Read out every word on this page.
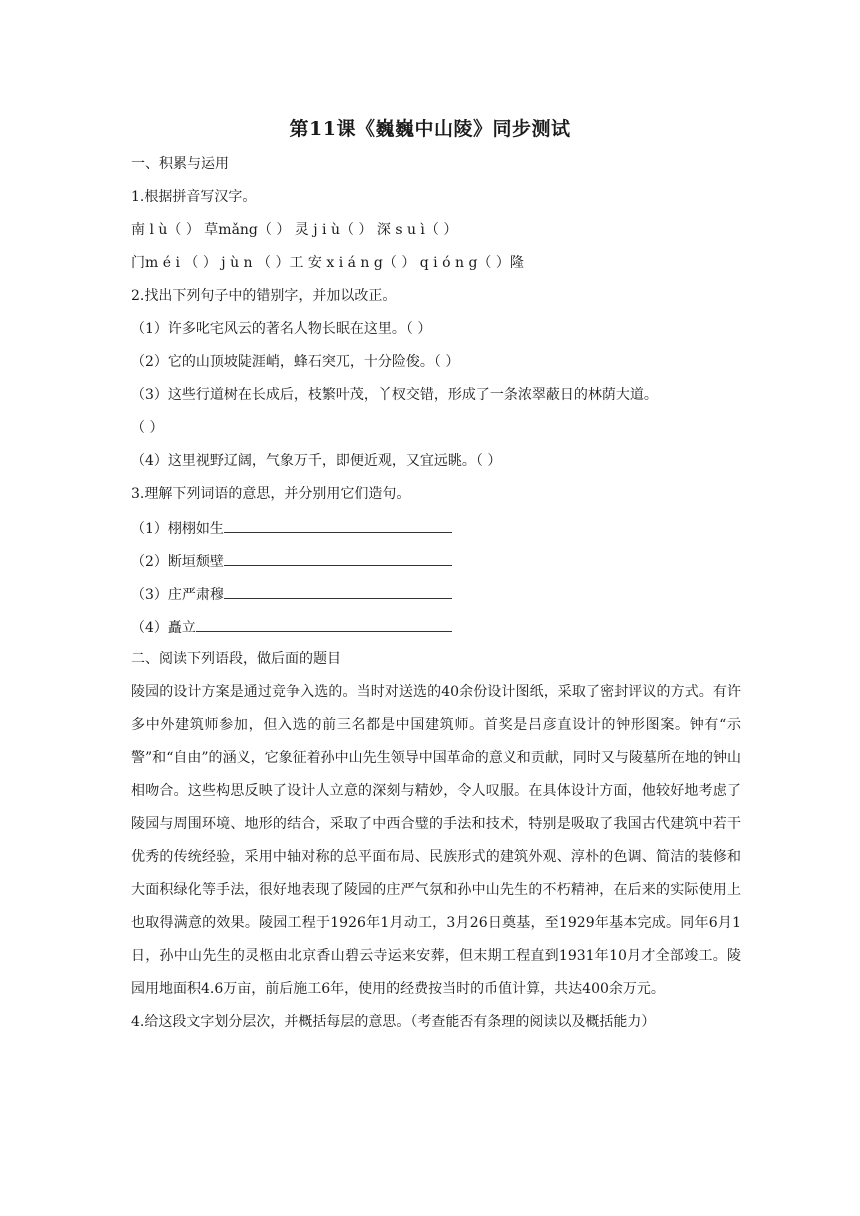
第11课《巍巍中山陵》同步测试
一、积累与运用
1.根据拼音写汉字。
南 l ù（ ） 草mǎng（ ） 灵 j i ù（ ） 深 s u ì（ ）
门m é i （ ） j ù n （ ）工 安 x i á n g（ ） q i ó n g（ ）隆
2.找出下列句子中的错别字，并加以改正。
（1）许多叱宅风云的著名人物长眠在这里。（ ）
（2）它的山顶坡陡涯峭，蜂石突兀，十分险俊。（ ）
（3）这些行道树在长成后，枝繁叶茂，丫杈交错，形成了一条浓翠蔽日的林荫大道。
（ ）
（4）这里视野辽阔，气象万千，即便近观，又宜远眺。（ ）
3.理解下列词语的意思，并分别用它们造句。
（1）栩栩如生
（2）断垣颓壁
（3）庄严肃穆
（4）矗立
二、阅读下列语段，做后面的题目
陵园的设计方案是通过竞争入选的。当时对送选的40余份设计图纸，采取了密封评议的方式。有许多中外建筑师参加，但入选的前三名都是中国建筑师。首奖是吕彦直设计的钟形图案。钟有“示警”和“自由”的涵义，它象征着孙中山先生领导中国革命的意义和贡献，同时又与陵墓所在地的钟山相吻合。这些构思反映了设计人立意的深刻与精妙，令人叹服。在具体设计方面，他较好地考虑了陵园与周围环境、地形的结合，采取了中西合璧的手法和技术，特别是吸取了我国古代建筑中若干优秀的传统经验，采用中轴对称的总平面布局、民族形式的建筑外观、淳朴的色调、简洁的装修和大面积绿化等手法，很好地表现了陵园的庄严气氛和孙中山先生的不朽精神，在后来的实际使用上也取得满意的效果。陵园工程于1926年1月动工，3月26日奠基，至1929年基本完成。同年6月1日，孙中山先生的灵柩由北京香山碧云寺运来安葬，但末期工程直到1931年10月才全部竣工。陵园用地面积4.6万亩，前后施工6年，使用的经费按当时的币值计算，共达400余万元。
4.给这段文字划分层次，并概括每层的意思。（考查能否有条理的阅读以及概括能力）
